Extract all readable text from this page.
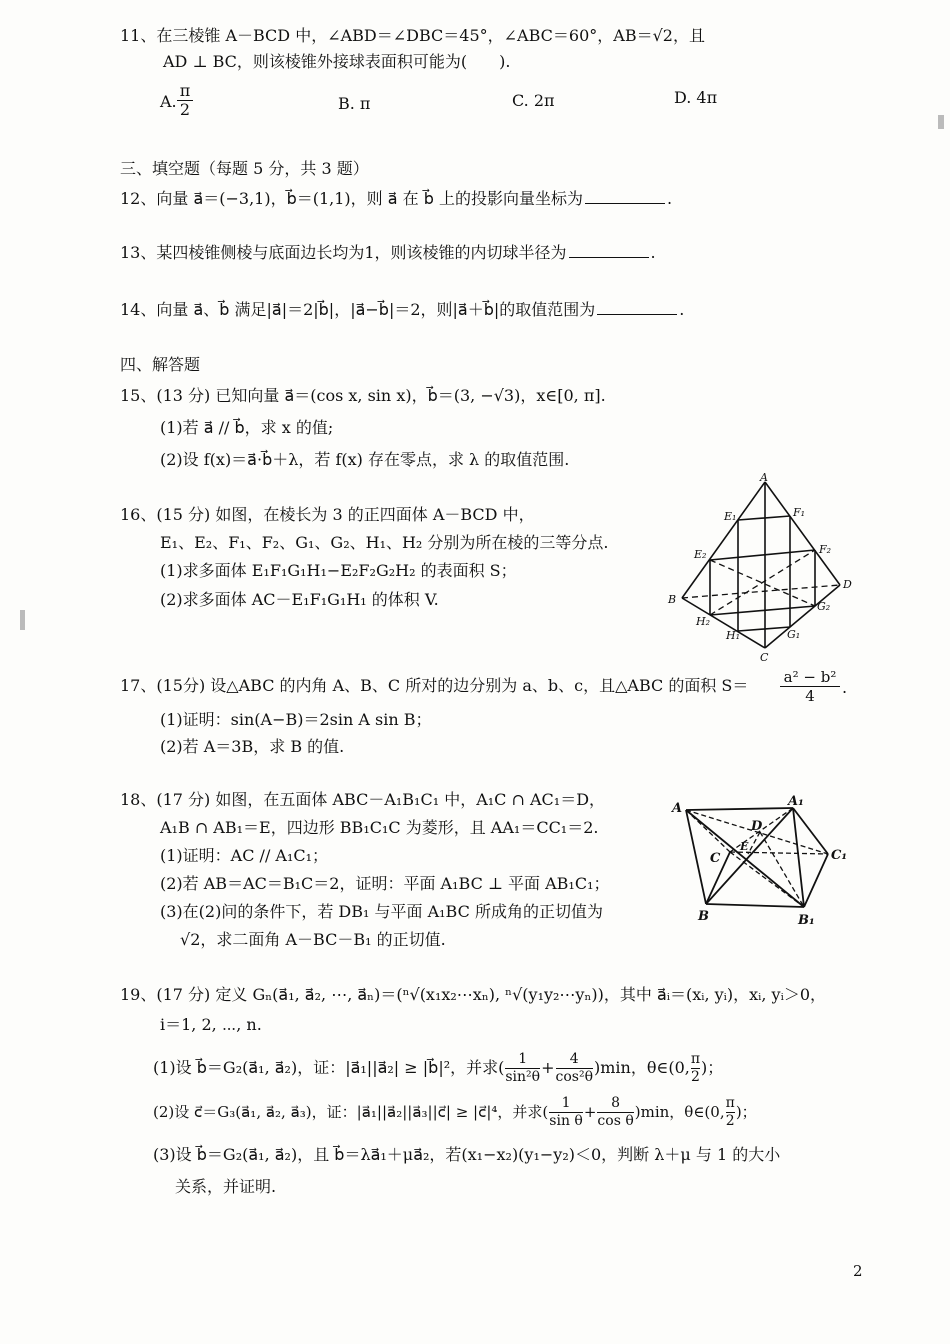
11、在三棱锥 A－BCD 中，∠ABD＝∠DBC＝45°，∠ABC＝60°，AB＝√2，且
AD ⊥ BC，则该棱锥外接球表面积可能为(　　).
A. $\frac{\pi}{2}$	B. π	C. 2π	D. 4π
三、填空题（每题 5 分，共 3 题）
12、向量 a⃗＝(−3,1)，b⃗＝(1,1)，则 a⃗ 在 b⃗ 上的投影向量坐标为	.
13、某四棱锥侧棱与底面边长均为1，则该棱锥的内切球半径为	.
14、向量 a⃗、b⃗ 满足|a⃗|＝2|b⃗|，|a⃗−b⃗|＝2，则|a⃗＋b⃗|的取值范围为	.
四、解答题
15、(13 分) 已知向量 a⃗＝(cos x, sin x)，b⃗＝(3, −√3)，x∈[0, π].
(1)若 a⃗ // b⃗，求 x 的值;
(2)设 f(x)＝a⃗·b⃗＋λ，若 f(x) 存在零点，求 λ 的取值范围.
16、(15 分) 如图，在棱长为 3 的正四面体 A－BCD 中，
E₁、E₂、F₁、F₂、G₁、G₂、H₁、H₂ 分别为所在棱的三等分点.
(1)求多面体 E₁F₁G₁H₁−E₂F₂G₂H₂ 的表面积 S；
(2)求多面体 AC－E₁F₁G₁H₁ 的体积 V.
A
B
C
D
E₁	F₁
E₂	F₂
G₂
G₁
H₂
H₁
17、(15分) 设△ABC 的内角 A、B、C 所对的边分别为 a、b、c，且△ABC 的面积 $S= \frac{\text{a² − b²}}{4}$ .
(1)证明：sin(A−B)＝2sin A sin B；
(2)若 A＝3B，求 B 的值.
18、(17 分) 如图，在五面体 ABC－A₁B₁C₁ 中，A₁C ∩ AC₁＝D，
A₁B ∩ AB₁＝E，四边形 BB₁C₁C 为菱形，且 AA₁＝CC₁＝2.
(1)证明：AC // A₁C₁；
(2)若 AB＝AC＝B₁C＝2，证明：平面 A₁BC ⊥ 平面 AB₁C₁；
(3)在(2)问的条件下，若 DB₁ 与平面 A₁BC 所成角的正切值为
√2，求二面角 A－BC－B₁ 的正切值.
A	A₁
B	B₁
C	C₁
D
E
19、(17 分) 定义 Gₙ(a⃗₁, a⃗₂, ⋯, a⃗ₙ)＝(ⁿ√(x₁x₂⋯xₙ), ⁿ√(y₁y₂⋯yₙ))，其中 a⃗ᵢ＝(xᵢ, yᵢ)，xᵢ, yᵢ＞0，
i＝1, 2, ⋯, n.
(1)设 b⃗＝G₂(a⃗₁, a⃗₂)，证：|a⃗₁||a⃗₂| ≥ |b⃗|²，并求( $\frac{1}{\text{sin²θ}} + \frac{4}{\text{cos²θ}} )\min$，θ∈(0, $\frac{\pi}{2}$ )；
(2)设 c⃗＝G₃(a⃗₁, a⃗₂, a⃗₃)，证：|a⃗₁||a⃗₂||a⃗₃||c⃗| ≥ |c⃗|⁴，并求( $\frac{1}{\text{sin θ}} + \frac{8}{\text{cos θ}} )\min$，θ∈(0, $\frac{\pi}{2}$ )；
(3)设 b⃗＝G₂(a⃗₁, a⃗₂)，且 b⃗＝λa⃗₁＋μa⃗₂，若(x₁−x₂)(y₁−y₂)＜0，判断 λ＋μ 与 1 的大小
关系，并证明.
2
